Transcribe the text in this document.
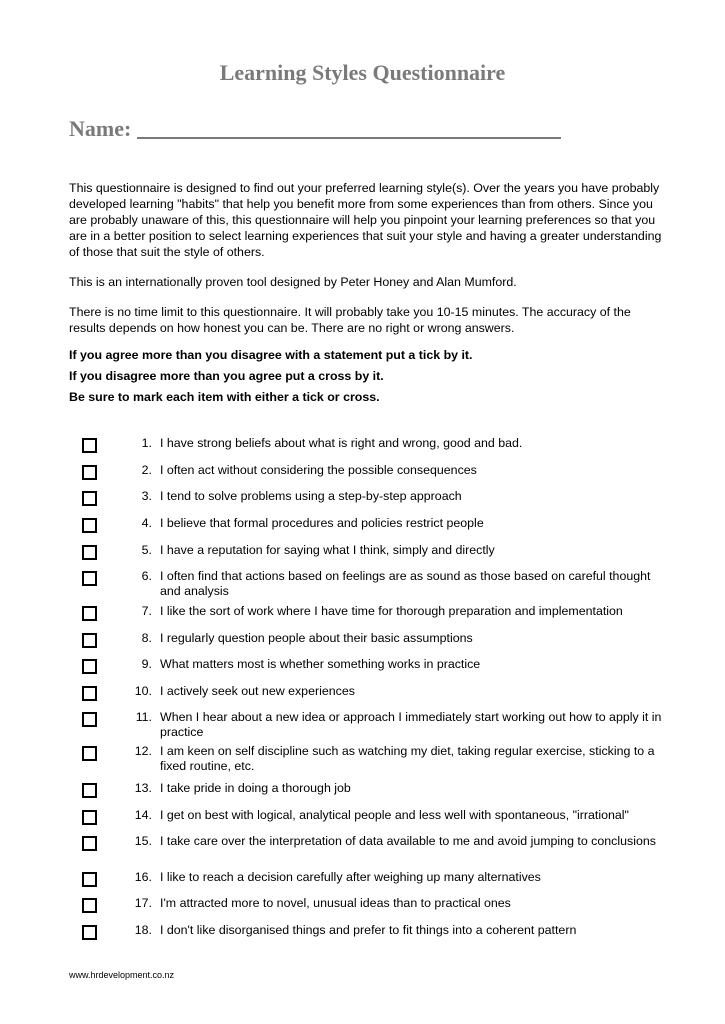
Learning Styles Questionnaire
Name:

This questionnaire is designed to find out your preferred learning style(s). Over the years you have probably developed learning "habits" that help you benefit more from some experiences than from others. Since you are probably unaware of this, this questionnaire will help you pinpoint your learning preferences so that you are in a better position to select learning experiences that suit your style and having a greater understanding of those that suit the style of others.

This is an internationally proven tool designed by Peter Honey and Alan Mumford.

There is no time limit to this questionnaire. It will probably take you 10-15 minutes. The accuracy of the results depends on how honest you can be. There are no right or wrong answers.

If you agree more than you disagree with a statement put a tick by it.

If you disagree more than you agree put a cross by it.

Be sure to mark each item with either a tick or cross.

1. I have strong beliefs about what is right and wrong, good and bad.
2. I often act without considering the possible consequences
3. I tend to solve problems using a step-by-step approach
4. I believe that formal procedures and policies restrict people
5. I have a reputation for saying what I think, simply and directly
6. I often find that actions based on feelings are as sound as those based on careful thought and analysis
7. I like the sort of work where I have time for thorough preparation and implementation
8. I regularly question people about their basic assumptions
9. What matters most is whether something works in practice
10. I actively seek out new experiences
11. When I hear about a new idea or approach I immediately start working out how to apply it in practice
12. I am keen on self discipline such as watching my diet, taking regular exercise, sticking to a fixed routine, etc.
13. I take pride in doing a thorough job
14. I get on best with logical, analytical people and less well with spontaneous, "irrational"
15. I take care over the interpretation of data available to me and avoid jumping to conclusions
16. I like to reach a decision carefully after weighing up many alternatives
17. I'm attracted more to novel, unusual ideas than to practical ones
18. I don't like disorganised things and prefer to fit things into a coherent pattern
www.hrdevelopment.co.nz
